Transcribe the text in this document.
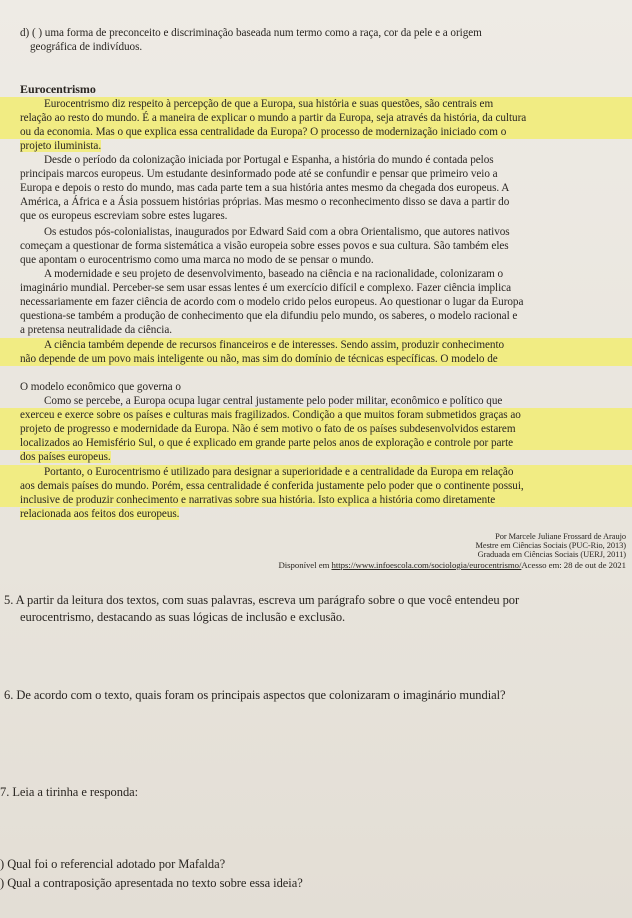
d) ( ) uma forma de preconceito e discriminação baseada num termo como a raça, cor da pele e a origem
geográfica de indivíduos.
Eurocentrismo
Eurocentrismo diz respeito à percepção de que a Europa, sua história e suas questões, são centrais em
relação ao resto do mundo. É a maneira de explicar o mundo a partir da Europa, seja através da história, da cultura
ou da economia. Mas o que explica essa centralidade da Europa? O processo de modernização iniciado com o
projeto iluminista.
Desde o período da colonização iniciada por Portugal e Espanha, a história do mundo é contada pelos
principais marcos europeus. Um estudante desinformado pode até se confundir e pensar que primeiro veio a
Europa e depois o resto do mundo, mas cada parte tem a sua história antes mesmo da chegada dos europeus. A
América, a África e a Ásia possuem histórias próprias. Mas mesmo o reconhecimento disso se dava a partir do
que os europeus escreviam sobre estes lugares.
Os estudos pós-colonialistas, inaugurados por Edward Said com a obra Orientalismo, que autores nativos
começam a questionar de forma sistemática a visão europeia sobre esses povos e sua cultura. São também eles
que apontam o eurocentrismo como uma marca no modo de se pensar o mundo.
A modernidade e seu projeto de desenvolvimento, baseado na ciência e na racionalidade, colonizaram o
imaginário mundial. Perceber-se sem usar essas lentes é um exercício difícil e complexo. Fazer ciência implica
necessariamente em fazer ciência de acordo com o modelo crido pelos europeus. Ao questionar o lugar da Europa
questiona-se também a produção de conhecimento que ela difundiu pelo mundo, os saberes, o modelo racional e
a pretensa neutralidade da ciência.
A ciência também depende de recursos financeiros e de interesses. Sendo assim, produzir conhecimento
não depende de um povo mais inteligente ou não, mas sim do domínio de técnicas específicas. O modelo de
O modelo econômico que governa o
Como se percebe, a Europa ocupa lugar central justamente pelo poder militar, econômico e político que
exerceu e exerce sobre os países e culturas mais fragilizados. Condição a que muitos foram submetidos graças ao
projeto de progresso e modernidade da Europa. Não é sem motivo o fato de os países subdesenvolvidos estarem
localizados ao Hemisfério Sul, o que é explicado em grande parte pelos anos de exploração e controle por parte
dos países europeus.
Portanto, o Eurocentrismo é utilizado para designar a superioridade e a centralidade da Europa em relação
aos demais países do mundo. Porém, essa centralidade é conferida justamente pelo poder que o continente possui,
inclusive de produzir conhecimento e narrativas sobre sua história. Isto explica a história como diretamente
relacionada aos feitos dos europeus.
Por Marcele Juliane Frossard de Araujo
Mestre em Ciências Sociais (PUC-Rio, 2013)
Graduada em Ciências Sociais (UERJ, 2011)
Disponível em https://www.infoescola.com/sociologia/eurocentrismo/Acesso em: 28 de out de 2021
5. A partir da leitura dos textos, com suas palavras, escreva um parágrafo sobre o que você entendeu por
eurocentrismo, destacando as suas lógicas de inclusão e exclusão.
6. De acordo com o texto, quais foram os principais aspectos que colonizaram o imaginário mundial?
7. Leia a tirinha e responda:
) Qual foi o referencial adotado por Mafalda?
) Qual a contraposição apresentada no texto sobre essa ideia?
